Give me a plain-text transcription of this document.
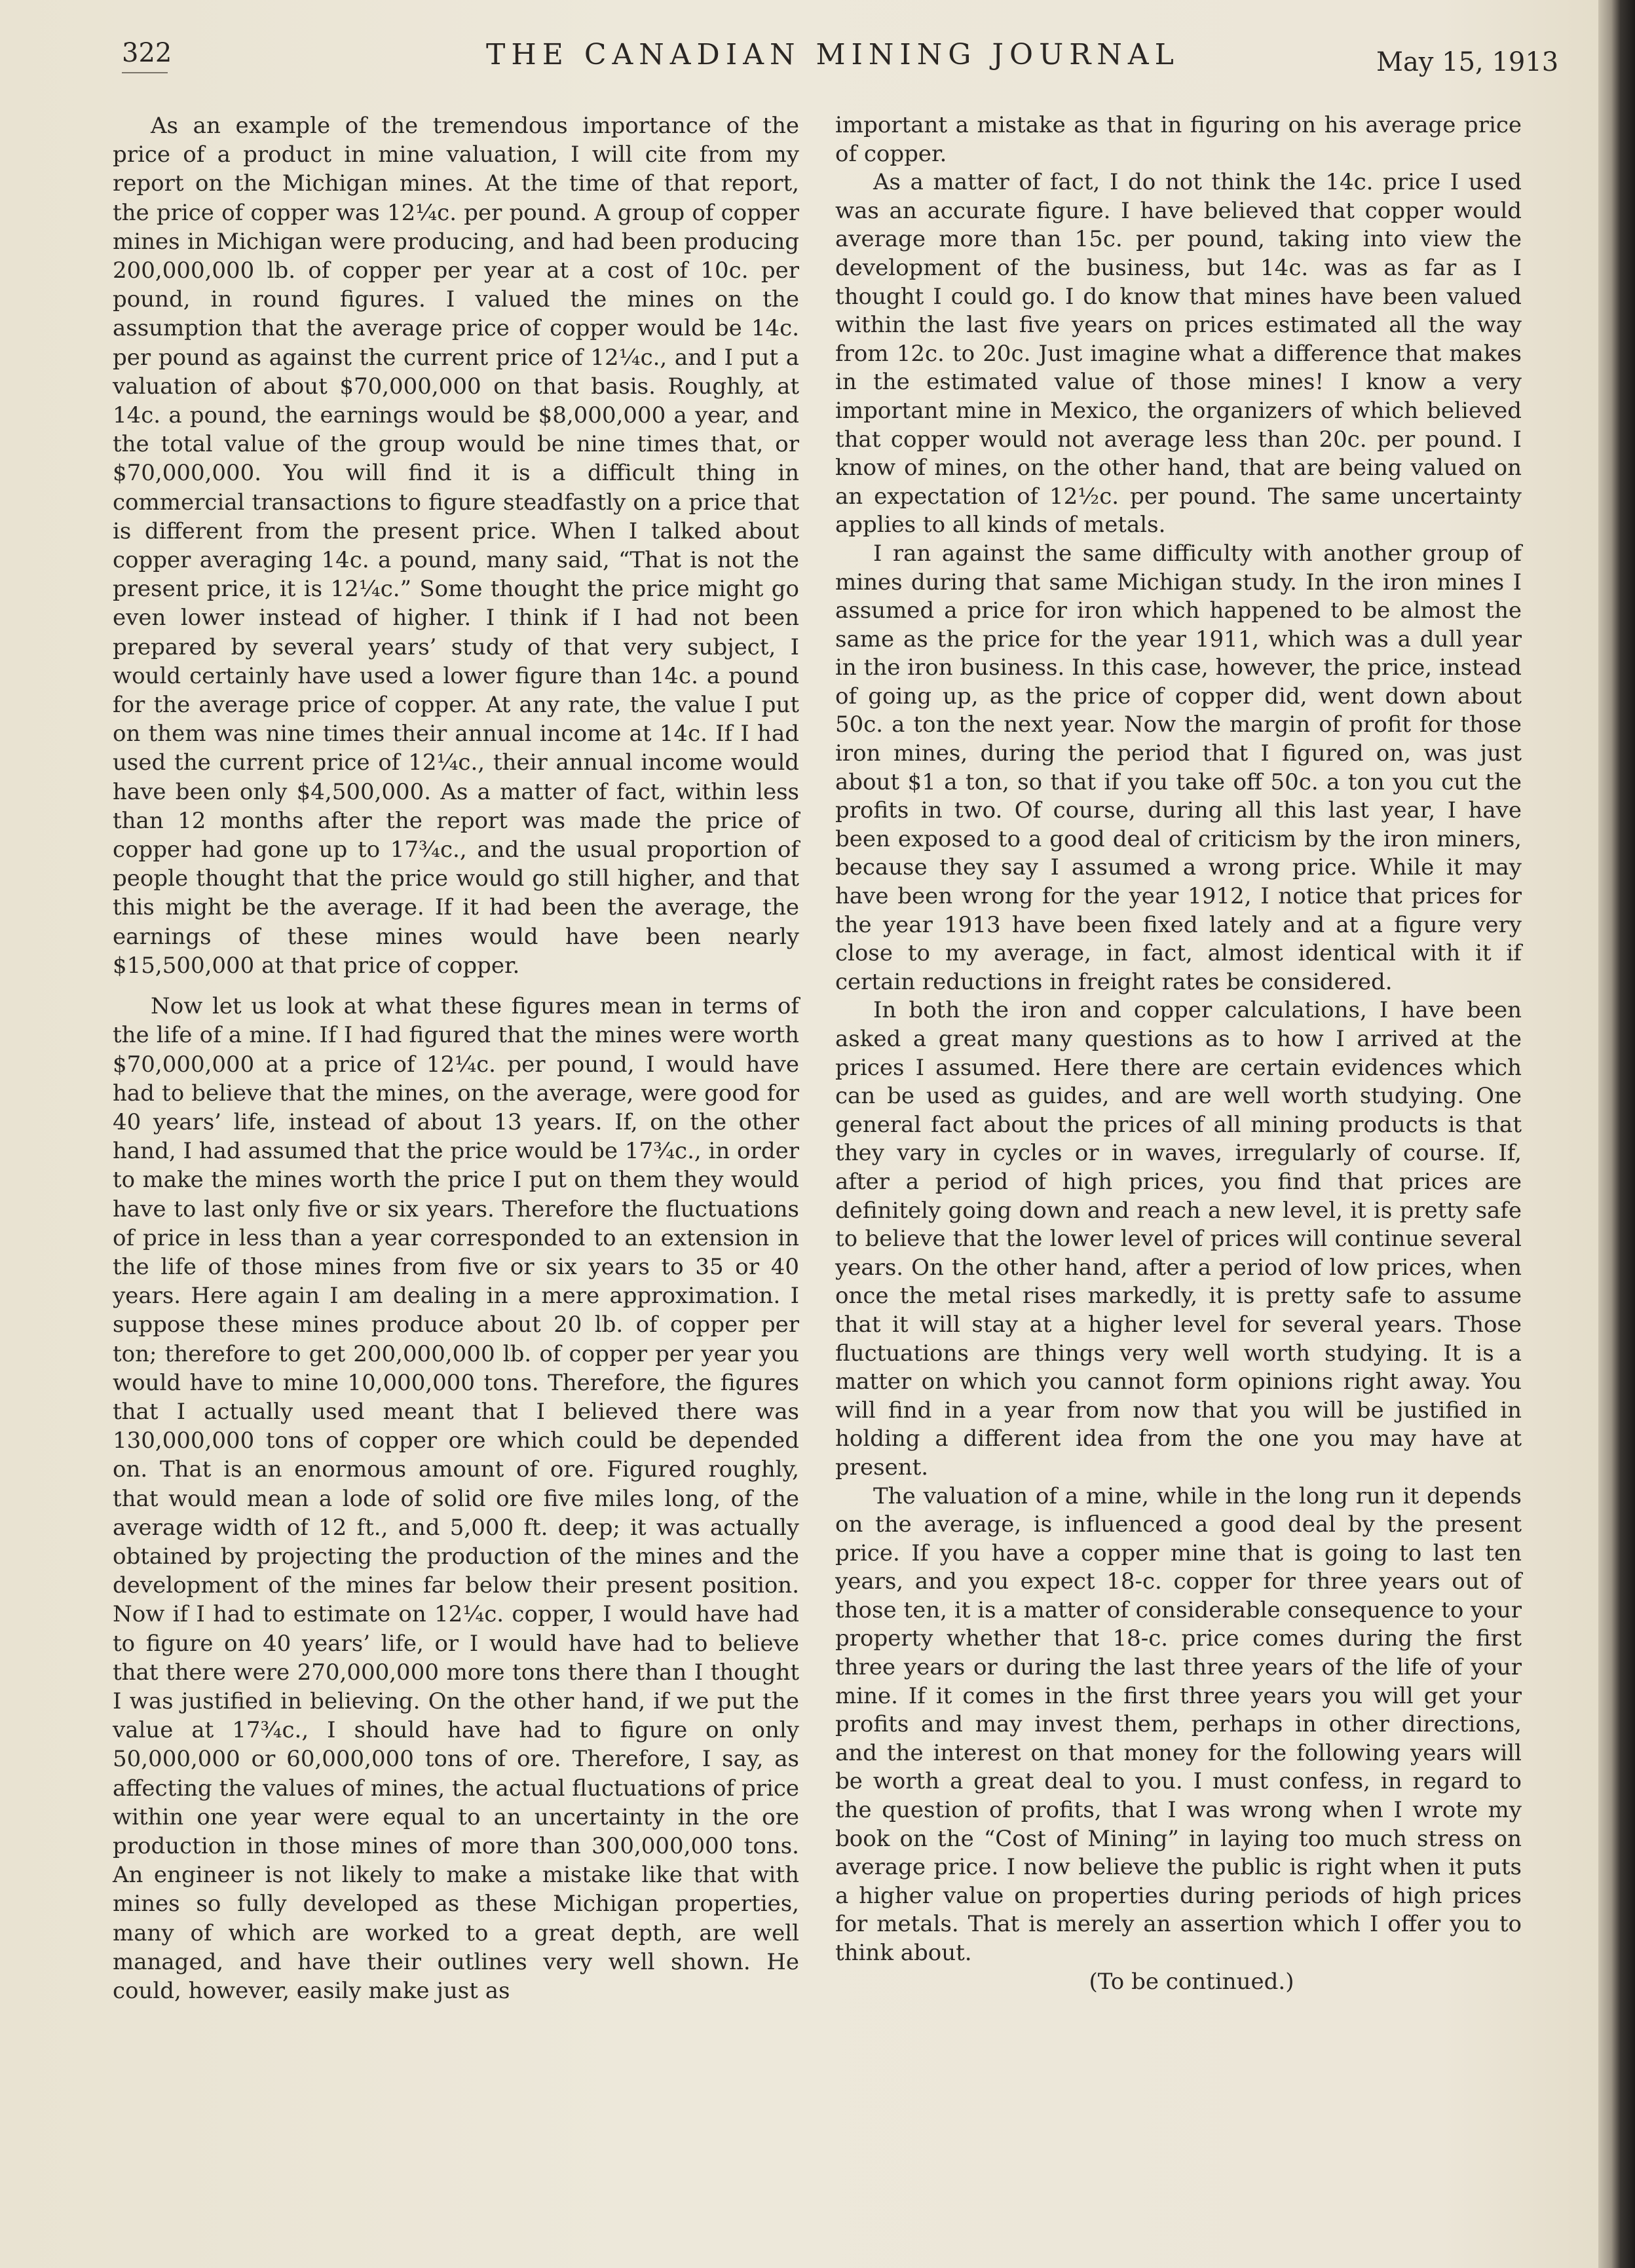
322	THE CANADIAN MINING JOURNAL	May 15, 1913

As an example of the tremendous importance of the price of a product in mine valuation, I will cite from my report on the Michigan mines. At the time of that report, the price of copper was 12¼c. per pound. A group of copper mines in Michigan were producing, and had been producing 200,000,000 lb. of copper per year at a cost of 10c. per pound, in round figures. I valued the mines on the assumption that the average price of copper would be 14c. per pound as against the current price of 12¼c., and I put a valuation of about $70,000,000 on that basis. Roughly, at 14c. a pound, the earnings would be $8,000,000 a year, and the total value of the group would be nine times that, or $70,000,000. You will find it is a difficult thing in commercial transactions to figure steadfastly on a price that is different from the present price. When I talked about copper averaging 14c. a pound, many said, “That is not the present price, it is 12¼c.” Some thought the price might go even lower instead of higher. I think if I had not been prepared by several years’ study of that very subject, I would certainly have used a lower figure than 14c. a pound for the average price of copper. At any rate, the value I put on them was nine times their annual income at 14c. If I had used the current price of 12¼c., their annual income would have been only $4,500,000. As a matter of fact, within less than 12 months after the report was made the price of copper had gone up to 17¾c., and the usual proportion of people thought that the price would go still higher, and that this might be the average. If it had been the average, the earnings of these mines would have been nearly $15,500,000 at that price of copper.

Now let us look at what these figures mean in terms of the life of a mine. If I had figured that the mines were worth $70,000,000 at a price of 12¼c. per pound, I would have had to believe that the mines, on the average, were good for 40 years’ life, instead of about 13 years. If, on the other hand, I had assumed that the price would be 17¾c., in order to make the mines worth the price I put on them they would have to last only five or six years. Therefore the fluctuations of price in less than a year corresponded to an extension in the life of those mines from five or six years to 35 or 40 years. Here again I am dealing in a mere approximation. I suppose these mines produce about 20 lb. of copper per ton; therefore to get 200,000,000 lb. of copper per year you would have to mine 10,000,000 tons. Therefore, the figures that I actually used meant that I believed there was 130,000,000 tons of copper ore which could be depended on. That is an enormous amount of ore. Figured roughly, that would mean a lode of solid ore five miles long, of the average width of 12 ft., and 5,000 ft. deep; it was actually obtained by projecting the production of the mines and the development of the mines far below their present position. Now if I had to estimate on 12¼c. copper, I would have had to figure on 40 years’ life, or I would have had to believe that there were 270,000,000 more tons there than I thought I was justified in believing. On the other hand, if we put the value at 17¾c., I should have had to figure on only 50,000,000 or 60,000,000 tons of ore. Therefore, I say, as affecting the values of mines, the actual fluctuations of price within one year were equal to an uncertainty in the ore production in those mines of more than 300,000,000 tons. An engineer is not likely to make a mistake like that with mines so fully developed as these Michigan properties, many of which are worked to a great depth, are well managed, and have their outlines very well shown. He could, however, easily make just as

important a mistake as that in figuring on his average price of copper.

As a matter of fact, I do not think the 14c. price I used was an accurate figure. I have believed that copper would average more than 15c. per pound, taking into view the development of the business, but 14c. was as far as I thought I could go. I do know that mines have been valued within the last five years on prices estimated all the way from 12c. to 20c. Just imagine what a difference that makes in the estimated value of those mines! I know a very important mine in Mexico, the organizers of which believed that copper would not average less than 20c. per pound. I know of mines, on the other hand, that are being valued on an expectation of 12½c. per pound. The same uncertainty applies to all kinds of metals.

I ran against the same difficulty with another group of mines during that same Michigan study. In the iron mines I assumed a price for iron which happened to be almost the same as the price for the year 1911, which was a dull year in the iron business. In this case, however, the price, instead of going up, as the price of copper did, went down about 50c. a ton the next year. Now the margin of profit for those iron mines, during the period that I figured on, was just about $1 a ton, so that if you take off 50c. a ton you cut the profits in two. Of course, during all this last year, I have been exposed to a good deal of criticism by the iron miners, because they say I assumed a wrong price. While it may have been wrong for the year 1912, I notice that prices for the year 1913 have been fixed lately and at a figure very close to my average, in fact, almost identical with it if certain reductions in freight rates be considered.

In both the iron and copper calculations, I have been asked a great many questions as to how I arrived at the prices I assumed. Here there are certain evidences which can be used as guides, and are well worth studying. One general fact about the prices of all mining products is that they vary in cycles or in waves, irregularly of course. If, after a period of high prices, you find that prices are definitely going down and reach a new level, it is pretty safe to believe that the lower level of prices will continue several years. On the other hand, after a period of low prices, when once the metal rises markedly, it is pretty safe to assume that it will stay at a higher level for several years. Those fluctuations are things very well worth studying. It is a matter on which you cannot form opinions right away. You will find in a year from now that you will be justified in holding a different idea from the one you may have at present.

The valuation of a mine, while in the long run it depends on the average, is influenced a good deal by the present price. If you have a copper mine that is going to last ten years, and you expect 18-c. copper for three years out of those ten, it is a matter of considerable consequence to your property whether that 18-c. price comes during the first three years or during the last three years of the life of your mine. If it comes in the first three years you will get your profits and may invest them, perhaps in other directions, and the interest on that money for the following years will be worth a great deal to you. I must confess, in regard to the question of profits, that I was wrong when I wrote my book on the “Cost of Mining” in laying too much stress on average price. I now believe the public is right when it puts a higher value on properties during periods of high prices for metals. That is merely an assertion which I offer you to think about.

(To be continued.)
